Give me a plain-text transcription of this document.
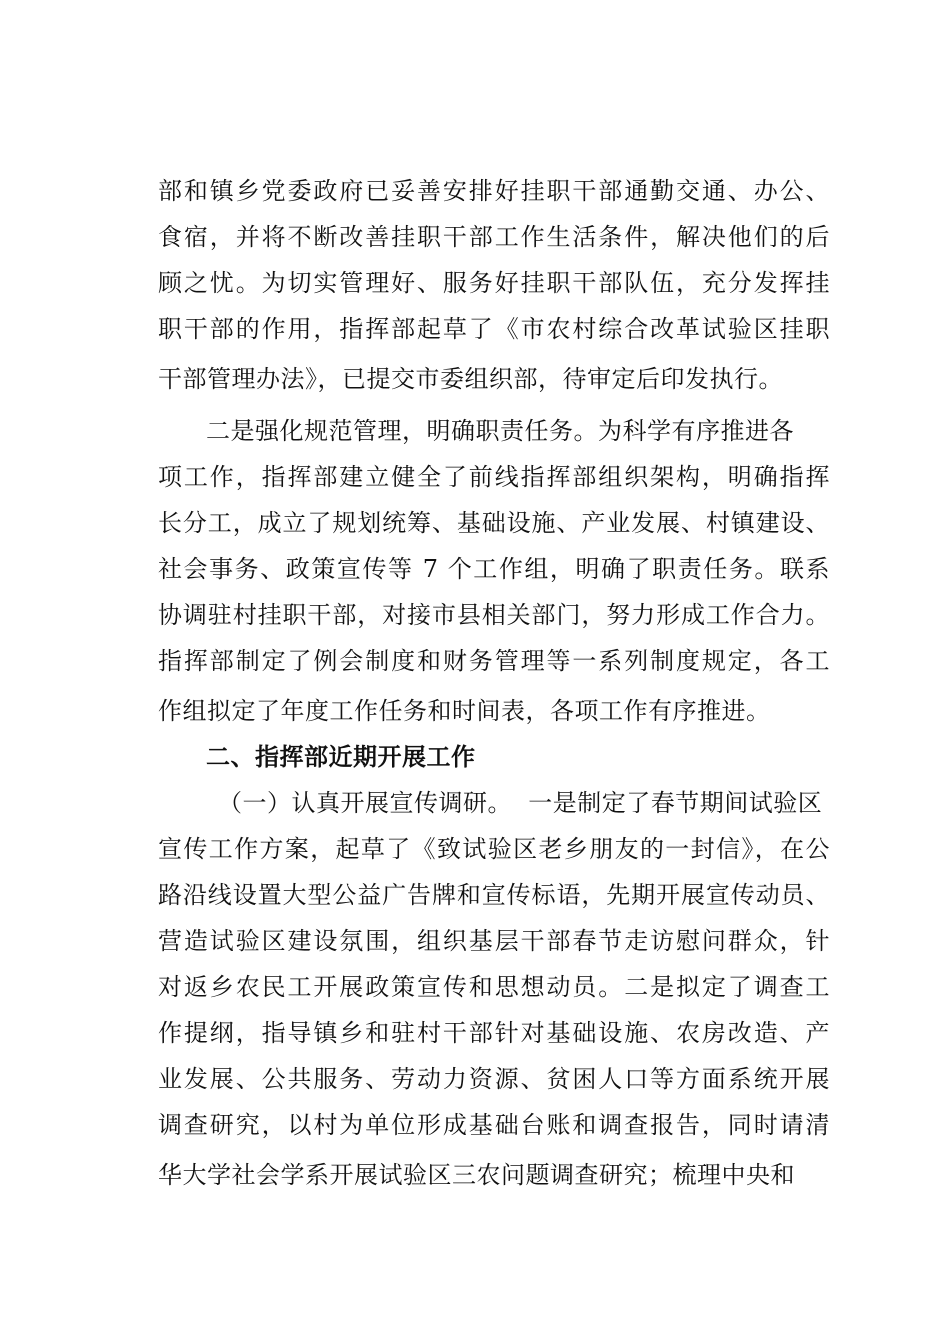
部和镇乡党委政府已妥善安排好挂职干部通勤交通、办公、
食宿，并将不断改善挂职干部工作生活条件，解决他们的后
顾之忧。为切实管理好、服务好挂职干部队伍，充分发挥挂
职干部的作用，指挥部起草了《市农村综合改革试验区挂职
干部管理办法》，已提交市委组织部，待审定后印发执行。
二是强化规范管理，明确职责任务。为科学有序推进各
项工作，指挥部建立健全了前线指挥部组织架构，明确指挥
长分工，成立了规划统筹、基础设施、产业发展、村镇建设、
社会事务、政策宣传等 7 个工作组，明确了职责任务。联系
协调驻村挂职干部，对接市县相关部门，努力形成工作合力。
指挥部制定了例会制度和财务管理等一系列制度规定，各工
作组拟定了年度工作任务和时间表，各项工作有序推进。
二、指挥部近期开展工作
（一）认真开展宣传调研。  一是制定了春节期间试验区
宣传工作方案，起草了《致试验区老乡朋友的一封信》，在公
路沿线设置大型公益广告牌和宣传标语，先期开展宣传动员、
营造试验区建设氛围，组织基层干部春节走访慰问群众，针
对返乡农民工开展政策宣传和思想动员。二是拟定了调查工
作提纲，指导镇乡和驻村干部针对基础设施、农房改造、产
业发展、公共服务、劳动力资源、贫困人口等方面系统开展
调查研究，以村为单位形成基础台账和调查报告，同时请清
华大学社会学系开展试验区三农问题调查研究；梳理中央和
